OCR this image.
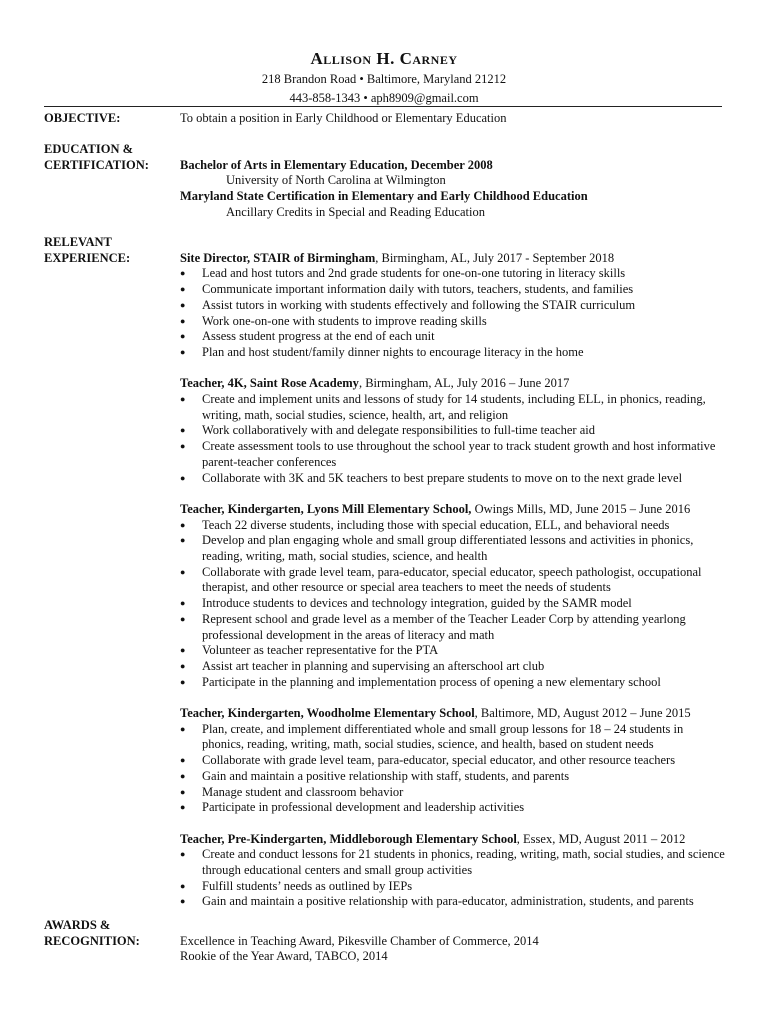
Allison H. Carney
218 Brandon Road • Baltimore, Maryland 21212
443-858-1343 • aph8909@gmail.com
OBJECTIVE:	To obtain a position in Early Childhood or Elementary Education
EDUCATION &
CERTIFICATION:	Bachelor of Arts in Elementary Education, December 2008
University of North Carolina at Wilmington
Maryland State Certification in Elementary and Early Childhood Education
Ancillary Credits in Special and Reading Education
RELEVANT
EXPERIENCE:	Site Director, STAIR of Birmingham, Birmingham, AL, July 2017 - September 2018
● Lead and host tutors and 2nd grade students for one-on-one tutoring in literacy skills
● Communicate important information daily with tutors, teachers, students, and families
● Assist tutors in working with students effectively and following the STAIR curriculum
● Work one-on-one with students to improve reading skills
● Assess student progress at the end of each unit
● Plan and host student/family dinner nights to encourage literacy in the home
Teacher, 4K, Saint Rose Academy, Birmingham, AL, July 2016 – June 2017
● Create and implement units and lessons of study for 14 students, including ELL, in phonics, reading, writing, math, social studies, science, health, art, and religion
● Work collaboratively with and delegate responsibilities to full-time teacher aid
● Create assessment tools to use throughout the school year to track student growth and host informative parent-teacher conferences
● Collaborate with 3K and 5K teachers to best prepare students to move on to the next grade level
Teacher, Kindergarten, Lyons Mill Elementary School, Owings Mills, MD, June 2015 – June 2016
● Teach 22 diverse students, including those with special education, ELL, and behavioral needs
● Develop and plan engaging whole and small group differentiated lessons and activities in phonics, reading, writing, math, social studies, science, and health
● Collaborate with grade level team, para-educator, special educator, speech pathologist, occupational therapist, and other resource or special area teachers to meet the needs of students
● Introduce students to devices and technology integration, guided by the SAMR model
● Represent school and grade level as a member of the Teacher Leader Corp by attending yearlong professional development in the areas of literacy and math
● Volunteer as teacher representative for the PTA
● Assist art teacher in planning and supervising an afterschool art club
● Participate in the planning and implementation process of opening a new elementary school
Teacher, Kindergarten, Woodholme Elementary School, Baltimore, MD, August 2012 – June 2015
● Plan, create, and implement differentiated whole and small group lessons for 18 – 24 students in phonics, reading, writing, math, social studies, science, and health, based on student needs
● Collaborate with grade level team, para-educator, special educator, and other resource teachers
● Gain and maintain a positive relationship with staff, students, and parents
● Manage student and classroom behavior
● Participate in professional development and leadership activities
Teacher, Pre-Kindergarten, Middleborough Elementary School, Essex, MD, August 2011 – 2012
● Create and conduct lessons for 21 students in phonics, reading, writing, math, social studies, and science through educational centers and small group activities
● Fulfill students’ needs as outlined by IEPs
● Gain and maintain a positive relationship with para-educator, administration, students, and parents
AWARDS &
RECOGNITION:	Excellence in Teaching Award, Pikesville Chamber of Commerce, 2014
Rookie of the Year Award, TABCO, 2014
